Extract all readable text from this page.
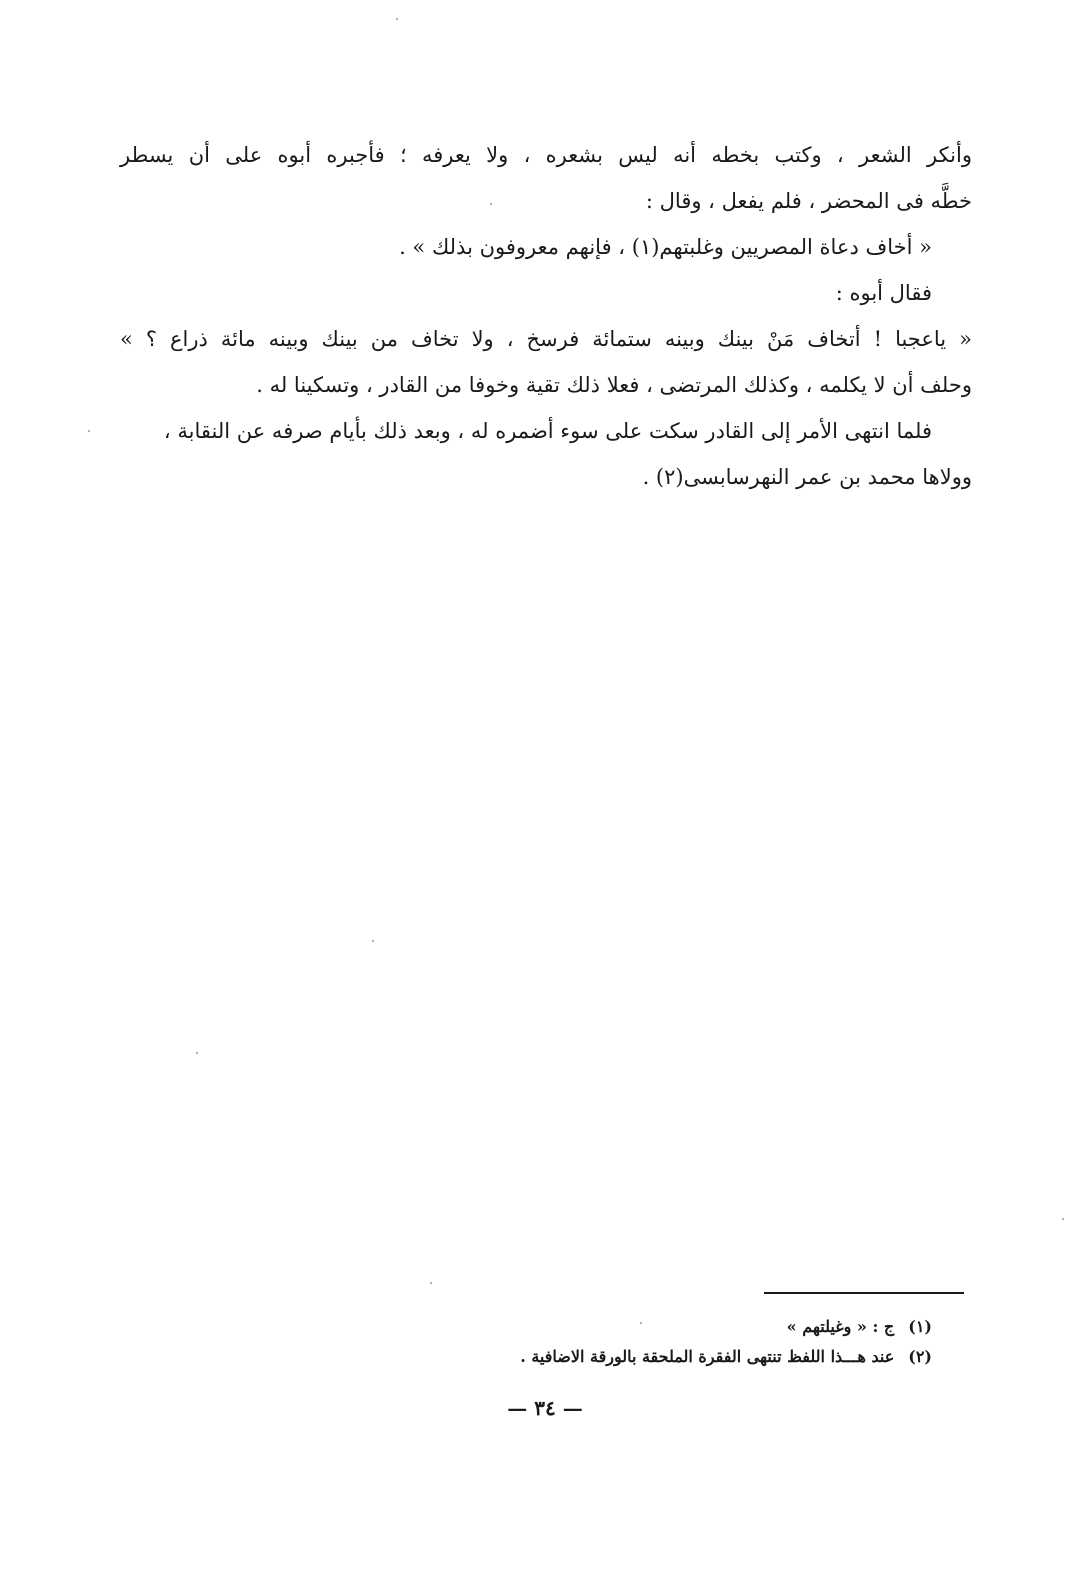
وأنكر الشعر ، وكتب بخطه أنه ليس بشعره ، ولا يعرفه ؛ فأجبره أبوه على أن يسطر
خطَّه فى المحضر ، فلم يفعل ، وقال :
« أخاف دعاة المصريين وغلبتهم(١) ، فإنهم معروفون بذلك » .
فقال أبوه :
« ياعجبا ! أتخاف مَنْ بينك وبينه ستمائة فرسخ ، ولا تخاف من بينك وبينه مائة ذراع ؟ »
وحلف أن لا يكلمه ، وكذلك المرتضى ، فعلا ذلك تقية وخوفا من القادر ، وتسكينا له .
فلما انتهى الأمر إلى القادر سكت على سوء أضمره له ، وبعد ذلك بأيام صرفه عن النقابة ،
وولاها محمد بن عمر النهرسابسى(٢) .
(١)ج : « وغيلتهم »
(٢)عند هـــذا اللفظ تنتهى الفقرة الملحقة بالورقة الاضافية .
— ٣٤ —
